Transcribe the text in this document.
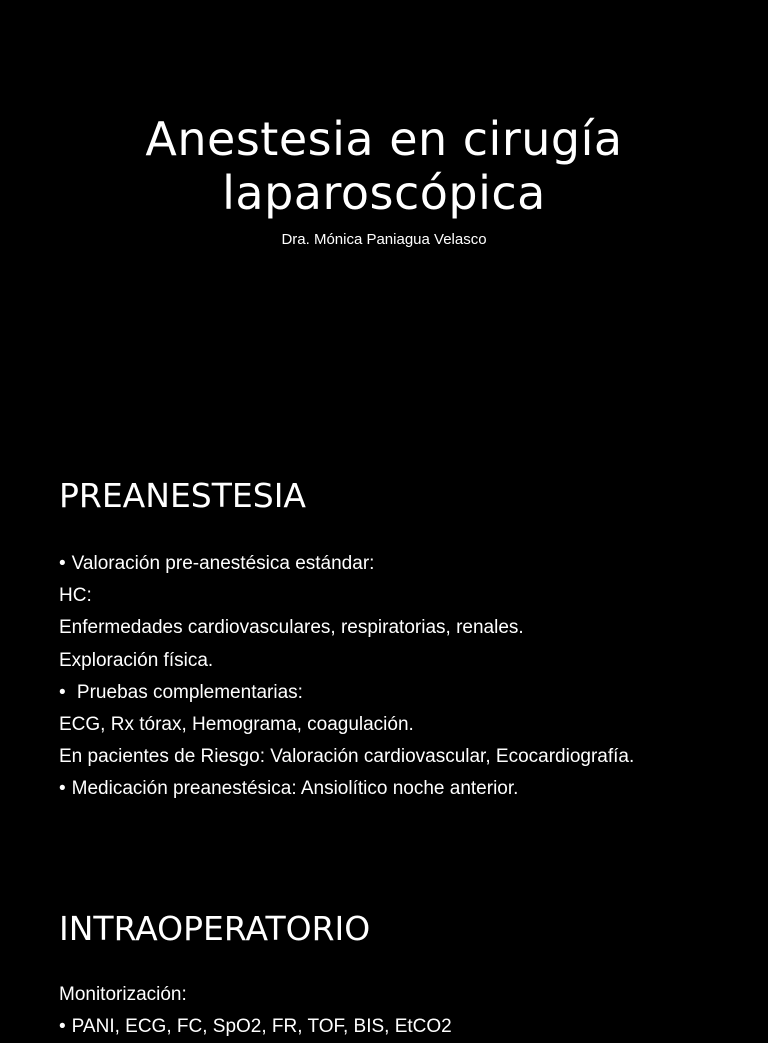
Anestesia en cirugía
laparoscópica

Dra. Mónica Paniagua Velasco

PREANESTESIA
• Valoración pre-anestésica estándar:
HC:
Enfermedades cardiovasculares, respiratorias, renales.
Exploración física.
• Pruebas complementarias:
ECG, Rx tórax, Hemograma, coagulación.
En pacientes de Riesgo: Valoración cardiovascular, Ecocardiografía.
• Medicación preanestésica: Ansiolítico noche anterior.
INTRAOPERATORIO
Monitorización:
• PANI, ECG, FC, SpO2, FR, TOF, BIS, EtCO2
